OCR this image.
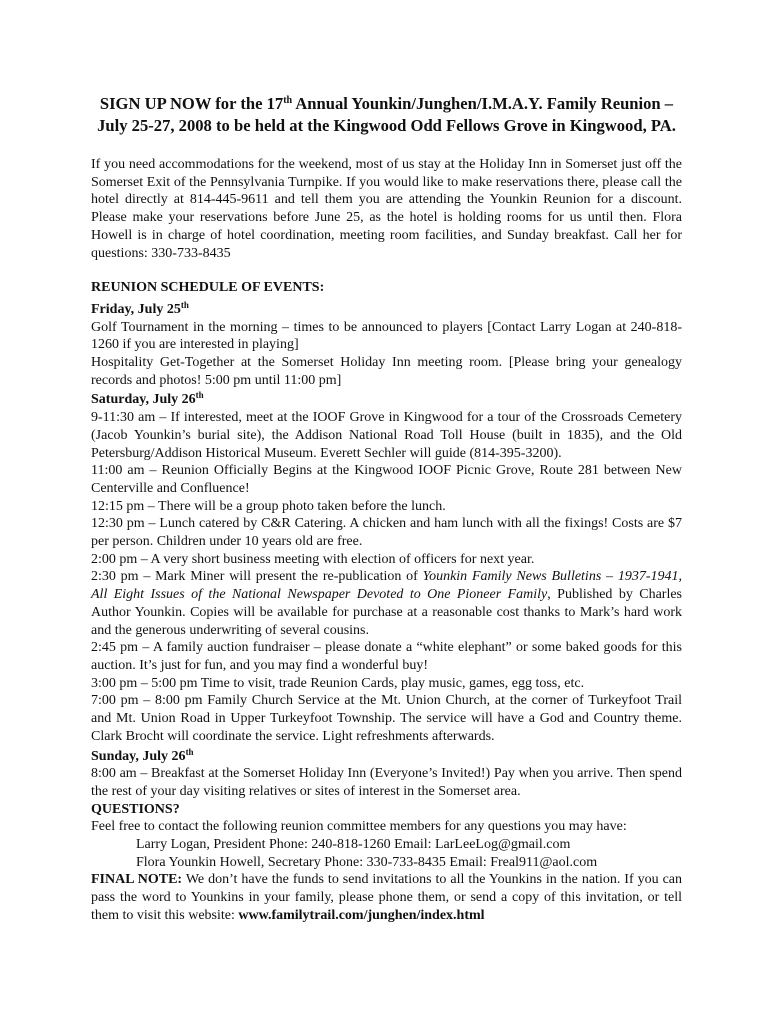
SIGN UP NOW for the 17th Annual Younkin/Junghen/I.M.A.Y. Family Reunion – July 25-27, 2008 to be held at the Kingwood Odd Fellows Grove in Kingwood, PA.

If you need accommodations for the weekend, most of us stay at the Holiday Inn in Somerset just off the Somerset Exit of the Pennsylvania Turnpike. If you would like to make reservations there, please call the hotel directly at 814-445-9611 and tell them you are attending the Younkin Reunion for a discount. Please make your reservations before June 25, as the hotel is holding rooms for us until then. Flora Howell is in charge of hotel coordination, meeting room facilities, and Sunday breakfast. Call her for questions: 330-733-8435

REUNION SCHEDULE OF EVENTS:

Friday, July 25th

Golf Tournament in the morning – times to be announced to players [Contact Larry Logan at 240-818-1260 if you are interested in playing]

Hospitality Get-Together at the Somerset Holiday Inn meeting room. [Please bring your genealogy records and photos! 5:00 pm until 11:00 pm]

Saturday, July 26th

9-11:30 am – If interested, meet at the IOOF Grove in Kingwood for a tour of the Crossroads Cemetery (Jacob Younkin’s burial site), the Addison National Road Toll House (built in 1835), and the Old Petersburg/Addison Historical Museum. Everett Sechler will guide (814-395-3200).

11:00 am – Reunion Officially Begins at the Kingwood IOOF Picnic Grove, Route 281 between New Centerville and Confluence!

12:15 pm – There will be a group photo taken before the lunch.

12:30 pm – Lunch catered by C&R Catering. A chicken and ham lunch with all the fixings! Costs are $7 per person. Children under 10 years old are free.

2:00 pm – A very short business meeting with election of officers for next year.

2:30 pm – Mark Miner will present the re-publication of Younkin Family News Bulletins – 1937-1941, All Eight Issues of the National Newspaper Devoted to One Pioneer Family, Published by Charles Author Younkin. Copies will be available for purchase at a reasonable cost thanks to Mark’s hard work and the generous underwriting of several cousins.

2:45 pm – A family auction fundraiser – please donate a “white elephant” or some baked goods for this auction. It’s just for fun, and you may find a wonderful buy!

3:00 pm – 5:00 pm Time to visit, trade Reunion Cards, play music, games, egg toss, etc.

7:00 pm – 8:00 pm Family Church Service at the Mt. Union Church, at the corner of Turkeyfoot Trail and Mt. Union Road in Upper Turkeyfoot Township. The service will have a God and Country theme. Clark Brocht will coordinate the service. Light refreshments afterwards.

Sunday, July 26th

8:00 am – Breakfast at the Somerset Holiday Inn (Everyone’s Invited!) Pay when you arrive. Then spend the rest of your day visiting relatives or sites of interest in the Somerset area.

QUESTIONS?

Feel free to contact the following reunion committee members for any questions you may have:

Larry Logan, President Phone: 240-818-1260 Email: LarLeeLog@gmail.com

Flora Younkin Howell, Secretary Phone: 330-733-8435 Email: Freal911@aol.com

FINAL NOTE: We don’t have the funds to send invitations to all the Younkins in the nation. If you can pass the word to Younkins in your family, please phone them, or send a copy of this invitation, or tell them to visit this website: www.familytrail.com/junghen/index.html
